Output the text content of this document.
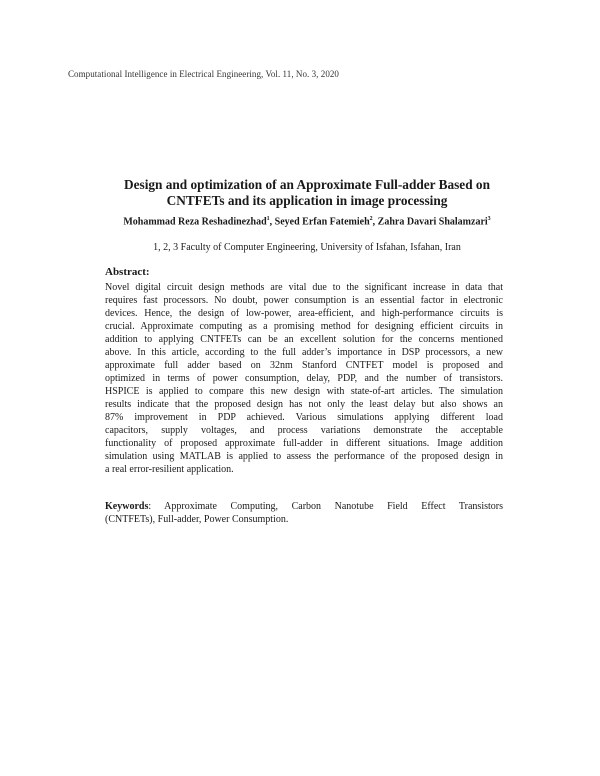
Computational Intelligence in Electrical Engineering, Vol. 11, No. 3, 2020
Design and optimization of an Approximate Full-adder Based on
CNTFETs and its application in image processing
Mohammad Reza Reshadinezhad$^1$, Seyed Erfan Fatemieh$^2$, Zahra Davari Shalamzari$^3$
1, 2, 3 Faculty of Computer Engineering, University of Isfahan, Isfahan, Iran
Abstract:
Novel digital circuit design methods are vital due to the significant increase in data that
requires fast processors. No doubt, power consumption is an essential factor in electronic
devices. Hence, the design of low-power, area-efficient, and high-performance circuits is
crucial. Approximate computing as a promising method for designing efficient circuits in
addition to applying CNTFETs can be an excellent solution for the concerns mentioned
above. In this article, according to the full adder’s importance in DSP processors, a new
approximate full adder based on 32nm Stanford CNTFET model is proposed and
optimized in terms of power consumption, delay, PDP, and the number of transistors.
HSPICE is applied to compare this new design with state-of-art articles. The simulation
results indicate that the proposed design has not only the least delay but also shows an
87% improvement in PDP achieved. Various simulations applying different load
capacitors, supply voltages, and process variations demonstrate the acceptable
functionality of proposed approximate full-adder in different situations. Image addition
simulation using MATLAB is applied to assess the performance of the proposed design in
a real error-resilient application.
Keywords: Approximate Computing, Carbon Nanotube Field Effect Transistors
(CNTFETs), Full-adder, Power Consumption.
